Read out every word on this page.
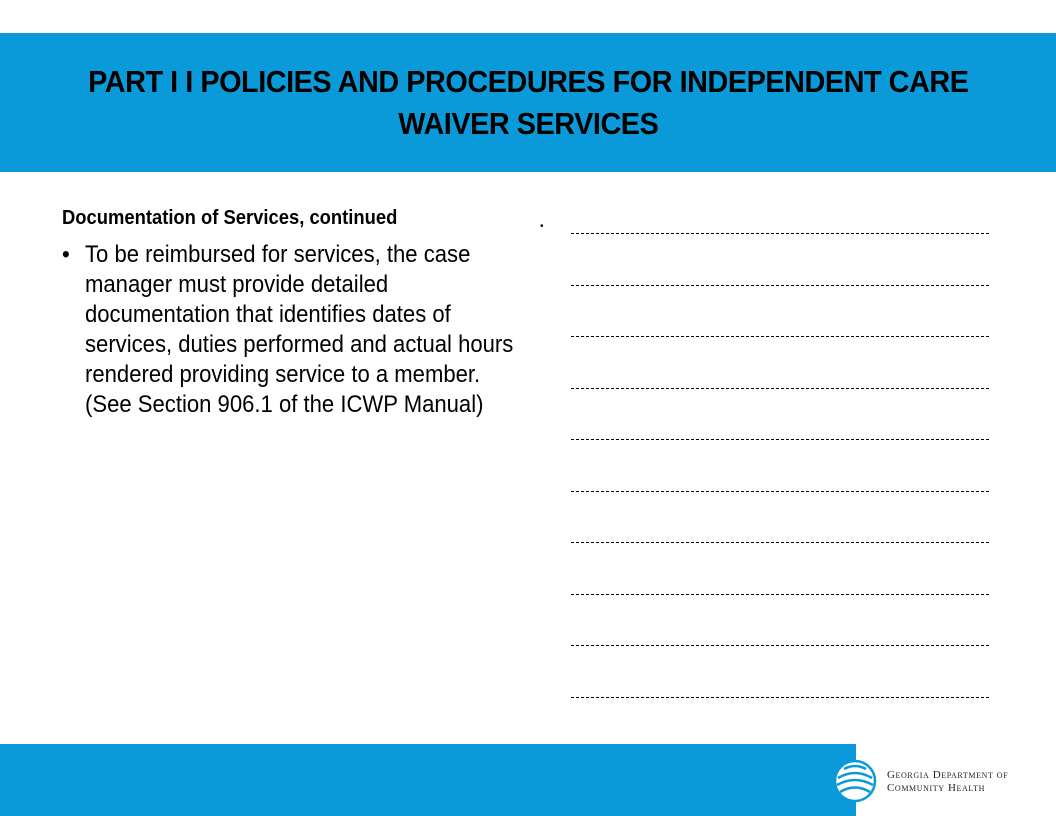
PART I I POLICIES AND PROCEDURES FOR INDEPENDENT CARE
WAIVER SERVICES
Documentation of Services, continued
• To be reimbursed for services, the case manager must provide detailed documentation that identifies dates of services, duties performed and actual hours rendered providing service to a member. (See Section 906.1 of the ICWP Manual)
•
Georgia Department of
Community Health
